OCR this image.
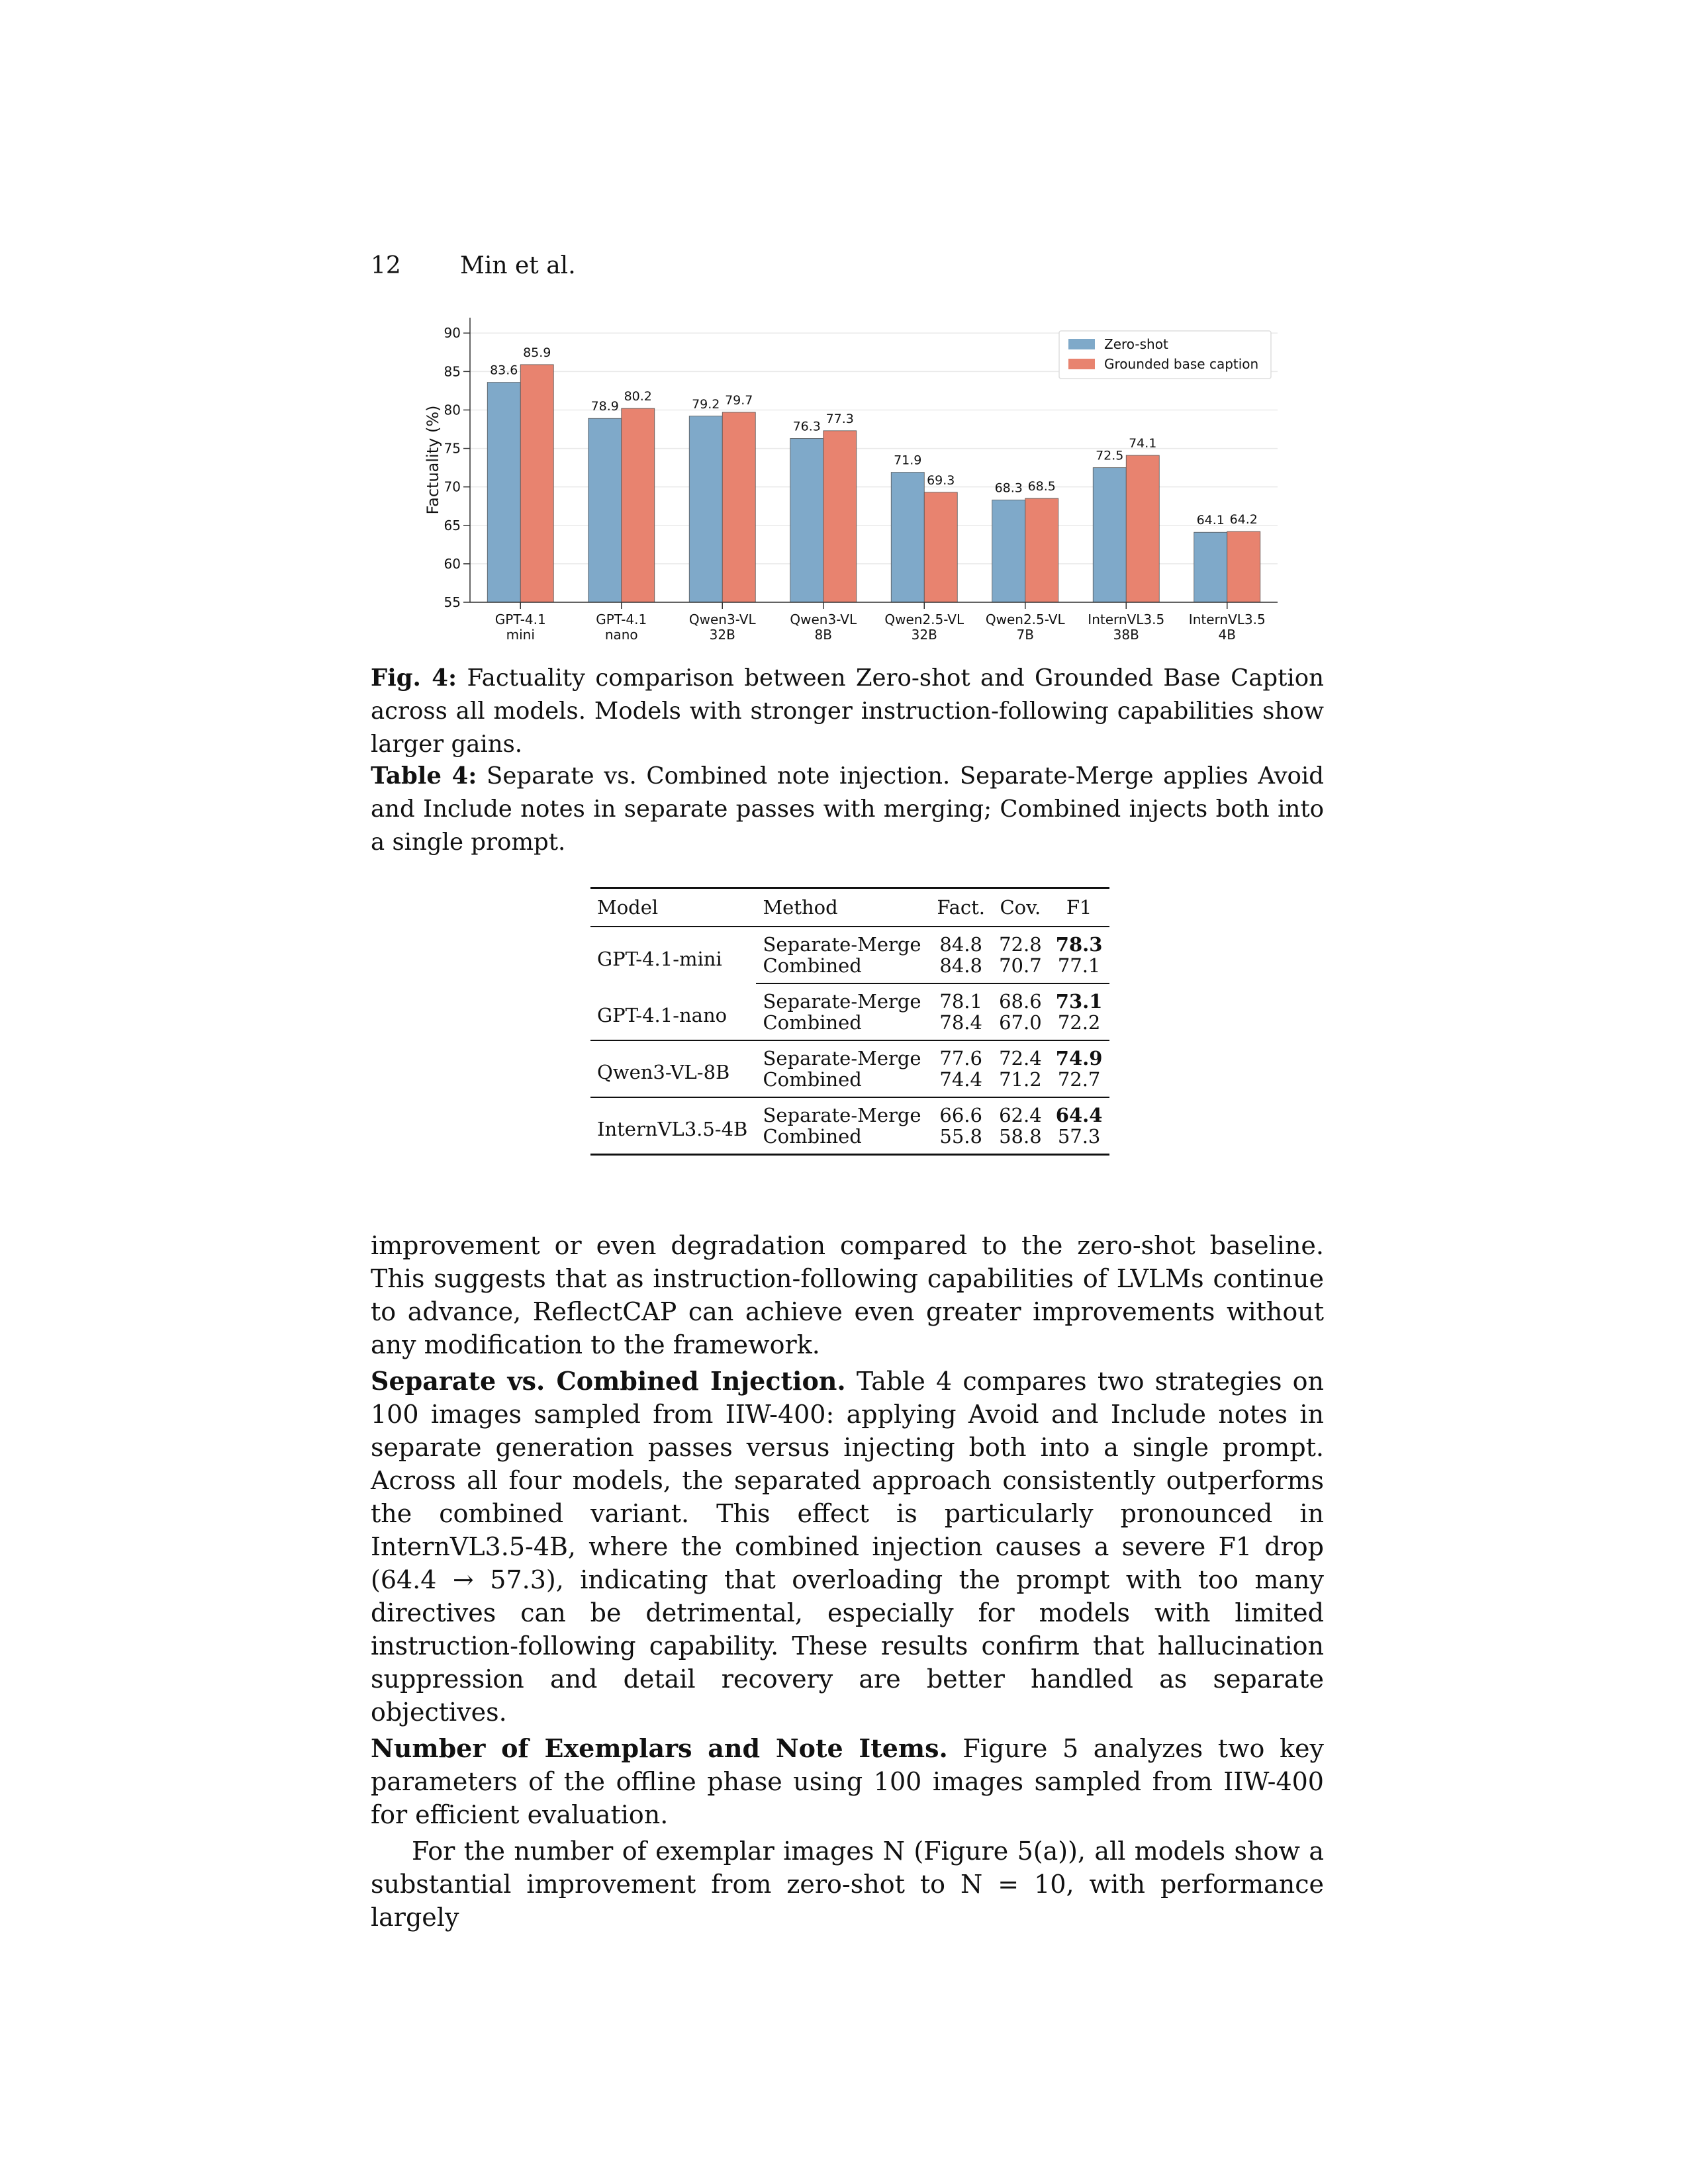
12 Min et al.
55
60
65
70
75
80
85
90
83.6
85.9
GPT-4.1
mini
78.9
80.2
GPT-4.1
nano
79.2 79.7
Qwen3-VL
32B
76.3
77.3
Qwen3-VL
8B
71.9
69.3
Qwen2.5-VL
32B
68.3 68.5
Qwen2.5-VL
7B
72.5
74.1
InternVL3.5
38B
64.1 64.2
InternVL3.5
4B
Factuality (%)
Zero-shot
Grounded base caption
Fig. 4: Factuality comparison between Zero-shot and Grounded Base Caption across all models. Models with stronger instruction-following capabilities show larger gains.
Table 4: Separate vs. Combined note injection. Separate-Merge applies Avoid and Include notes in separate passes with merging; Combined injects both into a single prompt.
Model	Method	Fact.	Cov.	F1
GPT-4.1-mini	Separate-Merge	84.8	72.8	78.3
	Combined	84.8	70.7	77.1
GPT-4.1-nano	Separate-Merge	78.1	68.6	73.1
	Combined	78.4	67.0	72.2
Qwen3-VL-8B	Separate-Merge	77.6	72.4	74.9
	Combined	74.4	71.2	72.7
InternVL3.5-4B	Separate-Merge	66.6	62.4	64.4
	Combined	55.8	58.8	57.3

improvement or even degradation compared to the zero-shot baseline. This suggests that as instruction-following capabilities of LVLMs continue to advance, ReflectCAP can achieve even greater improvements without any modification to the framework.

Separate vs. Combined Injection. Table 4 compares two strategies on 100 images sampled from IIW-400: applying Avoid and Include notes in separate generation passes versus injecting both into a single prompt. Across all four models, the separated approach consistently outperforms the combined variant. This effect is particularly pronounced in InternVL3.5-4B, where the combined injection causes a severe F1 drop (64.4 → 57.3), indicating that overloading the prompt with too many directives can be detrimental, especially for models with limited instruction-following capability. These results confirm that hallucination suppression and detail recovery are better handled as separate objectives.

Number of Exemplars and Note Items. Figure 5 analyzes two key parameters of the offline phase using 100 images sampled from IIW-400 for efficient evaluation.

For the number of exemplar images N (Figure 5(a)), all models show a substantial improvement from zero-shot to N = 10, with performance largely
